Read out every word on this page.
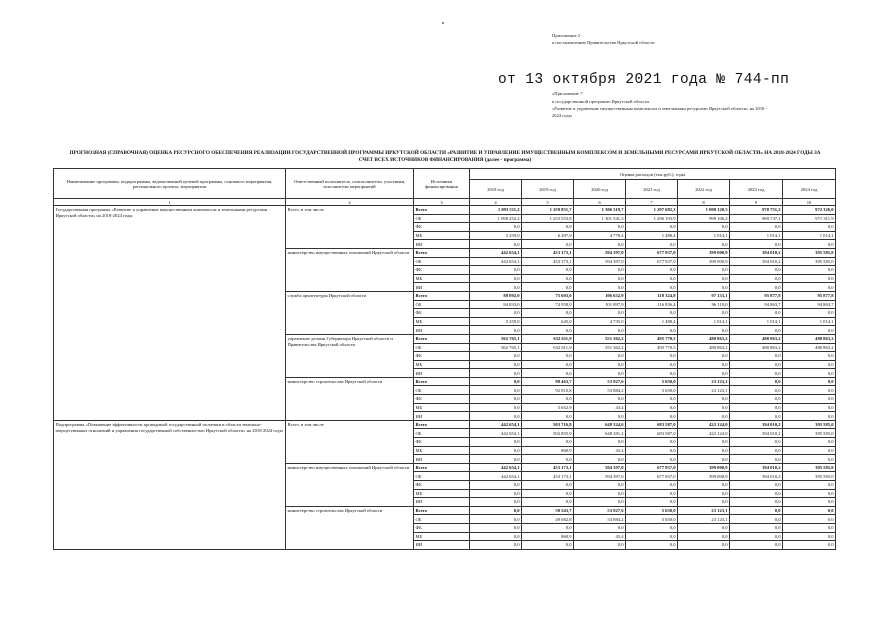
Приложение 2
к постановлению Правительства Иркутской области
от 13 октября 2021 года № 744-пп
«Приложение 7
к государственной программе Иркутской области
«Развитие и управление имущественным комплексом и земельными ресурсами Иркутской области» на 2018 -
2024 годы
ПРОГНОЗНАЯ (СПРАВОЧНАЯ) ОЦЕНКА РЕСУРСНОГО ОБЕСПЕЧЕНИЯ РЕАЛИЗАЦИИ ГОСУДАРСТВЕННОЙ ПРОГРАММЫ ИРКУТСКОЙ ОБЛАСТИ «РАЗВИТИЕ И УПРАВЛЕНИЕ ИМУЩЕСТВЕННЫМ КОМПЛЕКСОМ И ЗЕМЕЛЬНЫМИ РЕСУРСАМИ ИРКУТСКОЙ ОБЛАСТИ» НА 2018-2024 ГОДЫ ЗА
СЧЕТ ВСЕХ ИСТОЧНИКОВ ФИНАНСИРОВАНИЯ (далее - программа)
Наименование программы, подпрограммы, ведомственной целевой программы, основного мероприятия, регионального проекта, мероприятия	Ответственный исполнитель, соисполнители, участники, исполнители мероприятий	Источники финансирования	Оценка расходов (тыс.руб.), годы						
			2018 год	2019 год	2020 год	2021 год	2022 год	2023 год	2024 год
1	2	3	4	5	6	7	8	9	10
Государственная программа «Развитие и управление имущественным комплексом и земельными ресурсами Иркутской области» на 2018-2024 годы	Всего, в том числе	Всего	1 093 511,2	1 259 851,7	1 306 319,7	1 297 682,3	1 000 120,3	970 751,2	972 326,0
		ОБ	1 090 252,2	1 253 553,8	1 301 541,3	1 296 193,9	999 106,2	969 737,1	971 311,9
		ФБ	0,0	0,0	0,0	0,0	0,0	0,0	0,0
		МБ	3 259,0	6 297,9	4 778,4	1 488,4	1 014,1	1 014,1	1 014,1
		ИИ	0,0	0,0	0,0	0,0	0,0	0,0	0,0
	министерство имущественных отношений Иркутской области	Всего	442 654,1	453 173,1	594 397,0	677 937,0	399 000,9	394 010,2	395 585,0
		ОБ	442 654,1	453 173,1	594 397,0	677 937,0	399 000,9	394 010,2	395 585,0
		ФБ	0,0	0,0	0,0	0,0	0,0	0,0	0,0
		МБ	0,0	0,0	0,0	0,0	0,0	0,0	0,0
		ИИ	0,0	0,0	0,0	0,0	0,0	0,0	0,0
	служба архитектуры Иркутской области	Всего	88 092,0	75 603,0	106 632,9	118 324,8	97 133,1	95 877,8	95 877,8
		ОБ	84 833,0	74 958,0	101 897,9	116 836,4	96 119,0	94 863,7	94 863,7
		ФБ	0,0	0,0	0,0	0,0	0,0	0,0	0,0
		МБ	3 259,0	645,0	4 735,0	1 488,4	1 014,1	1 014,1	1 014,1
		ИИ	0,0	0,0	0,0	0,0	0,0	0,0	0,0
	управление делами Губернатора Иркутской области и Правительства Иркутской области	Всего	562 765,1	632 611,9	551 362,2	495 770,5	480 863,2	480 863,2	480 863,2
		ОБ	562 765,1	632 611,9	551 362,2	495 770,5	480 863,2	480 863,2	480 863,2
		ФБ	0,0	0,0	0,0	0,0	0,0	0,0	0,0
		МБ	0,0	0,0	0,0	0,0	0,0	0,0	0,0
		ИИ	0,0	0,0	0,0	0,0	0,0	0,0	0,0
	министерство строительства Иркутской области	Всего	0,0	98 463,7	53 927,6	5 650,0	23 123,1	0,0	0,0
		ОБ	0,0	92 810,8	53 884,2	5 650,0	23 123,1	0,0	0,0
		ФБ	0,0	0,0	0,0	0,0	0,0	0,0	0,0
		МБ	0,0	5 652,9	43,4	0,0	0,0	0,0	0,0
		ИИ	0,0	0,0	0,0	0,0	0,0	0,0	0,0
Подпрограмма «Повышение эффективности проводимой государственной политики в области земельно-имущественных отношений и управления государственной собственностью Иркутской области» на 2018-2024 годы	Всего, в том числе	Всего	442 654,1	503 716,8	648 324,6	683 587,0	422 124,0	394 010,2	395 585,0
		ОБ	442 654,1	502 855,9	648 281,2	683 587,0	422 124,0	394 010,2	395 585,0
		ФБ	0,0	0,0	0,0	0,0	0,0	0,0	0,0
		МБ	0,0	860,9	43,4	0,0	0,0	0,0	0,0
		ИИ	0,0	0,0	0,0	0,0	0,0	0,0	0,0
	министерство имущественных отношений Иркутской области	Всего	442 654,1	453 173,1	594 397,0	677 937,0	399 000,9	394 010,2	395 585,0
		ОБ	442 654,1	453 173,1	594 397,0	677 937,0	399 000,9	394 010,2	395 585,0
		ФБ	0,0	0,0	0,0	0,0	0,0	0,0	0,0
		МБ	0,0	0,0	0,0	0,0	0,0	0,0	0,0
		ИИ	0,0	0,0	0,0	0,0	0,0	0,0	0,0
	министерство строительства Иркутской области	Всего	0,0	50 543,7	53 927,6	5 650,0	23 123,1	0,0	0,0
		ОБ	0,0	49 682,8	53 884,2	5 650,0	23 123,1	0,0	0,0
		ФБ	0,0	0,0	0,0	0,0	0,0	0,0	0,0
		МБ	0,0	860,9	43,4	0,0	0,0	0,0	0,0
		ИИ	0,0	0,0	0,0	0,0	0,0	0,0	0,0
